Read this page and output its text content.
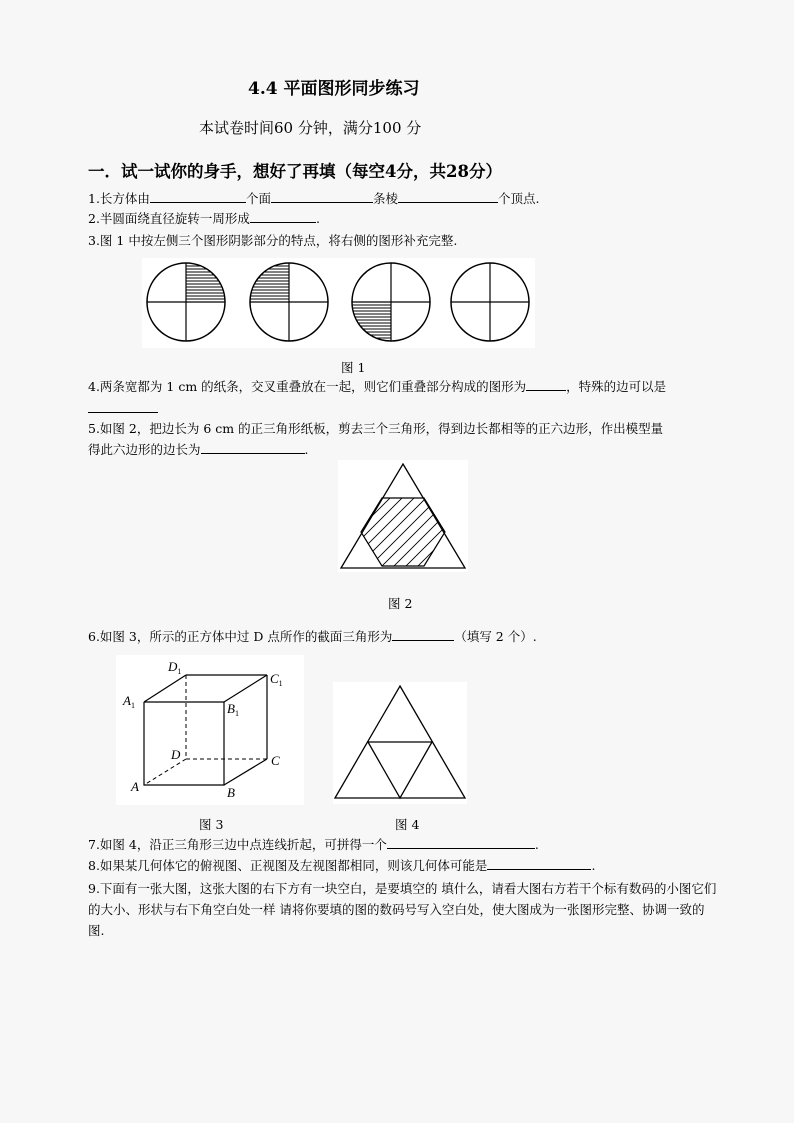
4.4 平面图形同步练习
本试卷时间60 分钟，满分100 分
一．试一试你的身手，想好了再填（每空4分，共28分）
1.长方体由	个面	条棱	个顶点.
2.半圆面绕直径旋转一周形成	.
3.图 1 中按左侧三个图形阴影部分的特点，将右侧的图形补充完整.
图 1
4.两条宽都为 1 cm 的纸条，交叉重叠放在一起，则它们重叠部分构成的图形为	，特殊的边可以是
5.如图 2，把边长为 6 cm 的正三角形纸板，剪去三个三角形，得到边长都相等的正六边形，作出模型量
得此六边形的边长为	.
图 2
6.如图 3，所示的正方体中过 D 点所作的截面三角形为	（填写 2 个）.
$D_1$	$C_1$
$A_1$	$B_1$
D	C
A	B
图 3	图 4
7.如图 4，沿正三角形三边中点连线折起，可拼得一个	.
8.如果某几何体它的俯视图、正视图及左视图都相同，则该几何体可能是	.
9.下面有一张大图，这张大图的右下方有一块空白，是要填空的 填什么，请看大图右方若干个标有数码的小图它们的大小、形状与右下角空白处一样 请将你要填的图的数码号写入空白处，使大图成为一张图形完整、协调一致的图.
